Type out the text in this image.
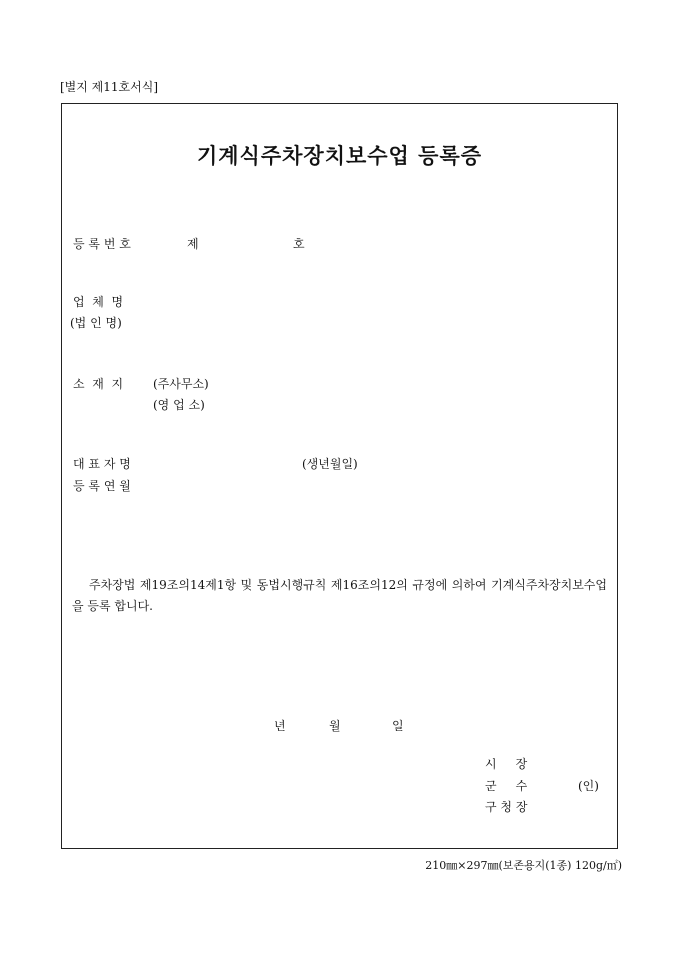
[별지 제11호서식]
기계식주차장치보수업 등록증
등 록 번 호	제	호
업  체  명
(법 인 명)
소  재  지 (주사무소)
(영 업 소)
대 표 자 명	(생년월일)
등 록 연 월
주차장법 제19조의14제1항 및 동법시행규칙 제16조의12의 규정에 의하여 기계식주차장치보수업을 등록 합니다.
년	월	일
시     장
군     수	(인)
구 청 장
210㎜×297㎜(보존용지(1종) 120g/㎡)
